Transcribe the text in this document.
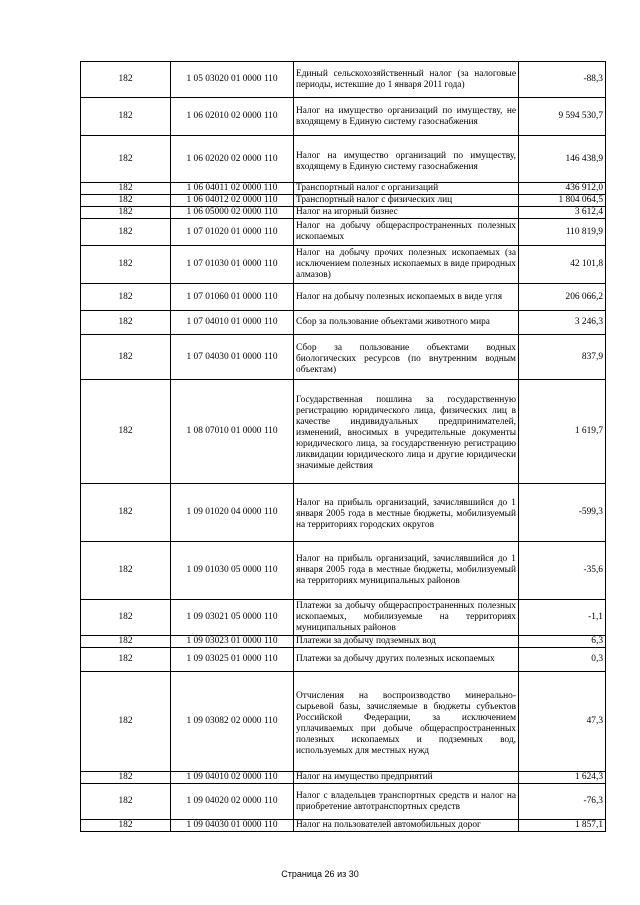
182	1 05 03020 01 0000 110	Единый сельскохозяйственный налог (за налоговые периоды, истекшие до 1 января 2011 года)	-88,3
182	1 06 02010 02 0000 110	Налог на имущество организаций по имуществу, не входящему в Единую систему газоснабжения	9 594 530,7
182	1 06 02020 02 0000 110	Налог на имущество организаций по имуществу, входящему в Единую систему газоснабжения	146 438,9
182	1 06 04011 02 0000 110	Транспортный налог с организаций	436 912,0
182	1 06 04012 02 0000 110	Транспортный налог с физических лиц	1 804 064,5
182	1 06 05000 02 0000 110	Налог на игорный бизнес	3 612,4
182	1 07 01020 01 0000 110	Налог на добычу общераспространенных полезных ископаемых	110 819,9
182	1 07 01030 01 0000 110	Налог на добычу прочих полезных ископаемых (за исключением полезных ископаемых в виде природных алмазов)	42 101,8
182	1 07 01060 01 0000 110	Налог на добычу полезных ископаемых в виде угля	206 066,2
182	1 07 04010 01 0000 110	Сбор за пользование объектами животного мира	3 246,3
182	1 07 04030 01 0000 110	Сбор за пользование объектами водных биологических ресурсов (по внутренним водным объектам)	837,9
182	1 08 07010 01 0000 110	Государственная пошлина за государственную регистрацию юридического лица, физических лиц в качестве индивидуальных предпринимателей, изменений, вносимых в учредительные документы юридического лица, за государственную регистрацию ликвидации юридического лица и другие юридически значимые действия	1 619,7
182	1 09 01020 04 0000 110	Налог на прибыль организаций, зачислявшийся до 1 января 2005 года в местные бюджеты, мобилизуемый на территориях городских округов	-599,3
182	1 09 01030 05 0000 110	Налог на прибыль организаций, зачислявшийся до 1 января 2005 года в местные бюджеты, мобилизуемый на территориях муниципальных районов	-35,6
182	1 09 03021 05 0000 110	Платежи за добычу общераспространенных полезных ископаемых, мобилизуемые на территориях муниципальных районов	-1,1
182	1 09 03023 01 0000 110	Платежи за добычу подземных вод	6,3
182	1 09 03025 01 0000 110	Платежи за добычу других полезных ископаемых	0,3
182	1 09 03082 02 0000 110	Отчисления на воспроизводство минерально-сырьевой базы, зачисляемые в бюджеты субъектов Российской Федерации, за исключением уплачиваемых при добыче общераспространенных полезных ископаемых и подземных вод, используемых для местных нужд	47,3
182	1 09 04010 02 0000 110	Налог на имущество предприятий	1 624,3
182	1 09 04020 02 0000 110	Налог с владельцев транспортных средств и налог на приобретение автотранспортных средств	-76,3
182	1 09 04030 01 0000 110	Налог на пользователей автомобильных дорог	1 857,1
Страница 26 из 30
